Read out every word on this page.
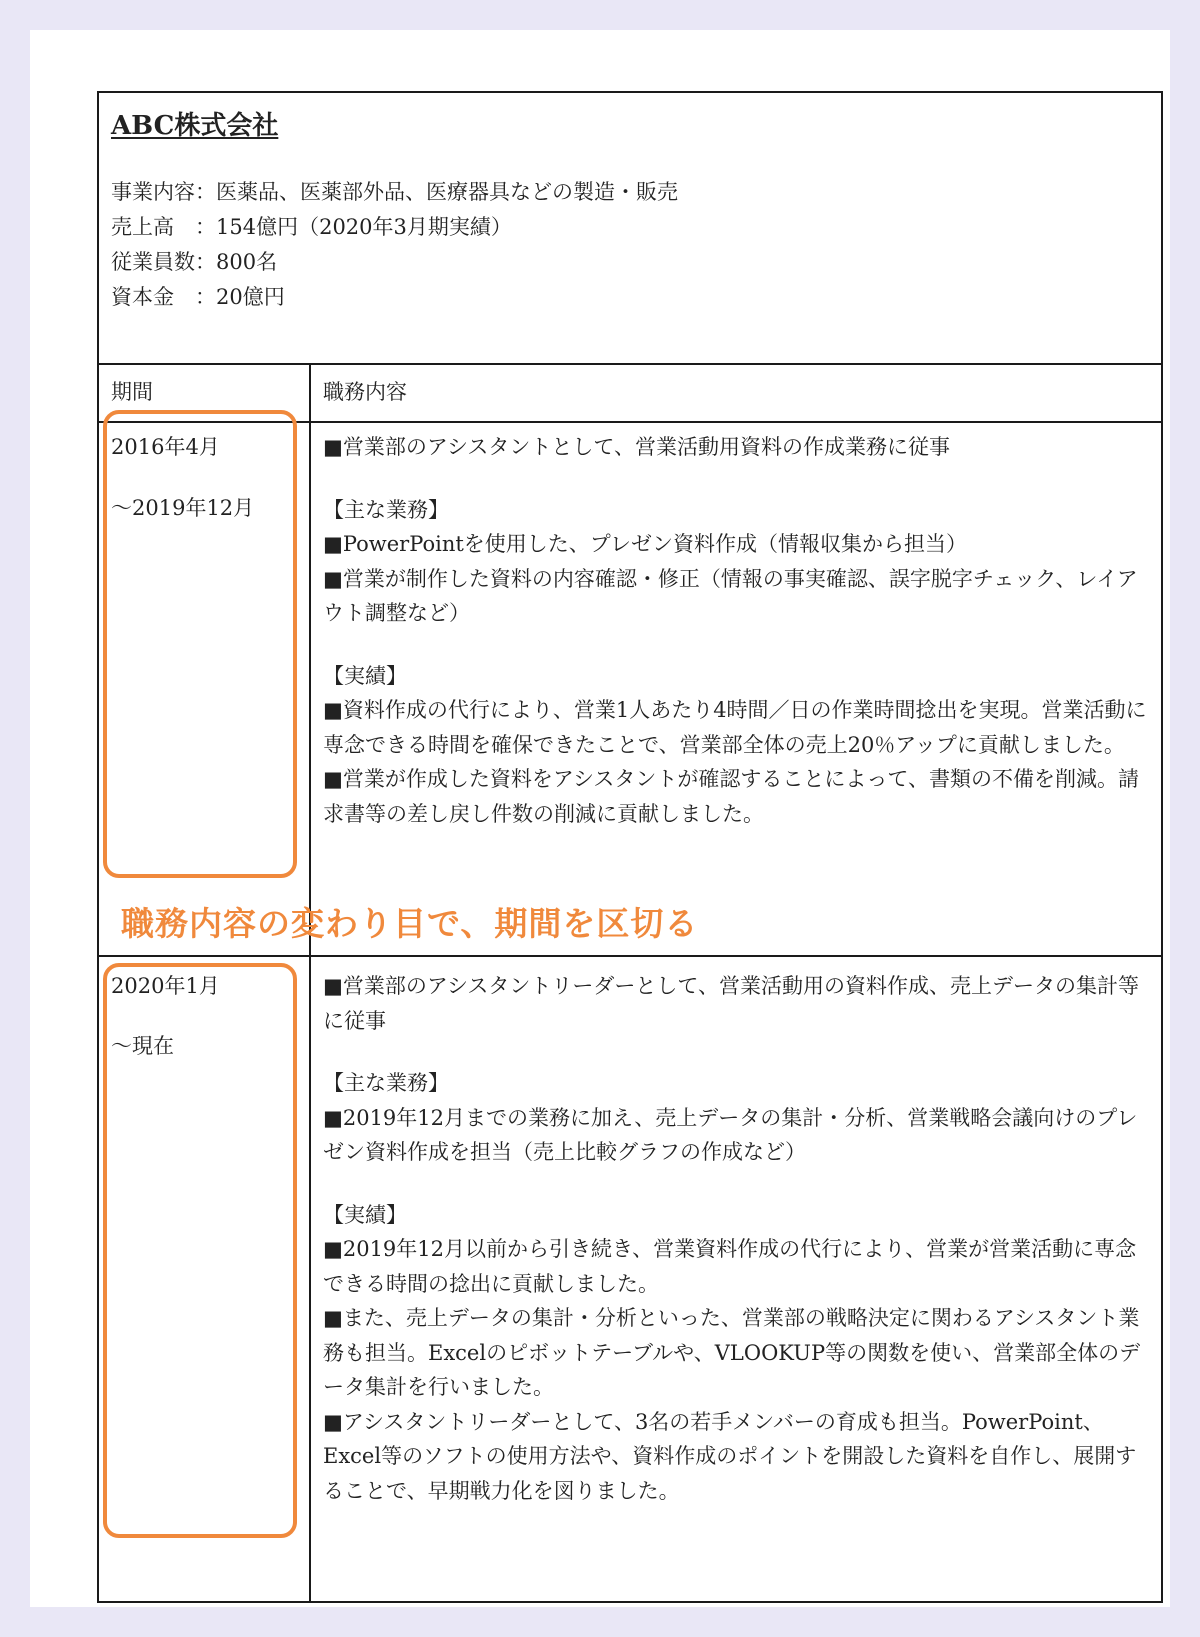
ABC株式会社
事業内容：医薬品、医薬部外品、医療器具などの製造・販売
売上高　：154億円（2020年3月期実績）
従業員数：800名
資本金　：20億円
期間	職務内容
2016年4月
～2019年12月

■営業部のアシスタントとして、営業活動用資料の作成業務に従事

【主な業務】

■PowerPointを使用した、プレゼン資料作成（情報収集から担当）

■営業が制作した資料の内容確認・修正（情報の事実確認、誤字脱字チェック、レイアウト調整など）

【実績】

■資料作成の代行により、営業1人あたり4時間／日の作業時間捻出を実現。営業活動に専念できる時間を確保できたことで、営業部全体の売上20％アップに貢献しました。

■営業が作成した資料をアシスタントが確認することによって、書類の不備を削減。請求書等の差し戻し件数の削減に貢献しました。

職務内容の変わり目で、期間を区切る
2020年1月
～現在

■営業部のアシスタントリーダーとして、営業活動用の資料作成、売上データの集計等に従事

【主な業務】

■2019年12月までの業務に加え、売上データの集計・分析、営業戦略会議向けのプレゼン資料作成を担当（売上比較グラフの作成など）

【実績】

■2019年12月以前から引き続き、営業資料作成の代行により、営業が営業活動に専念できる時間の捻出に貢献しました。

■また、売上データの集計・分析といった、営業部の戦略決定に関わるアシスタント業務も担当。Excelのピボットテーブルや、VLOOKUP等の関数を使い、営業部全体のデータ集計を行いました。

■アシスタントリーダーとして、3名の若手メンバーの育成も担当。PowerPoint、Excel等のソフトの使用方法や、資料作成のポイントを開設した資料を自作し、展開することで、早期戦力化を図りました。
